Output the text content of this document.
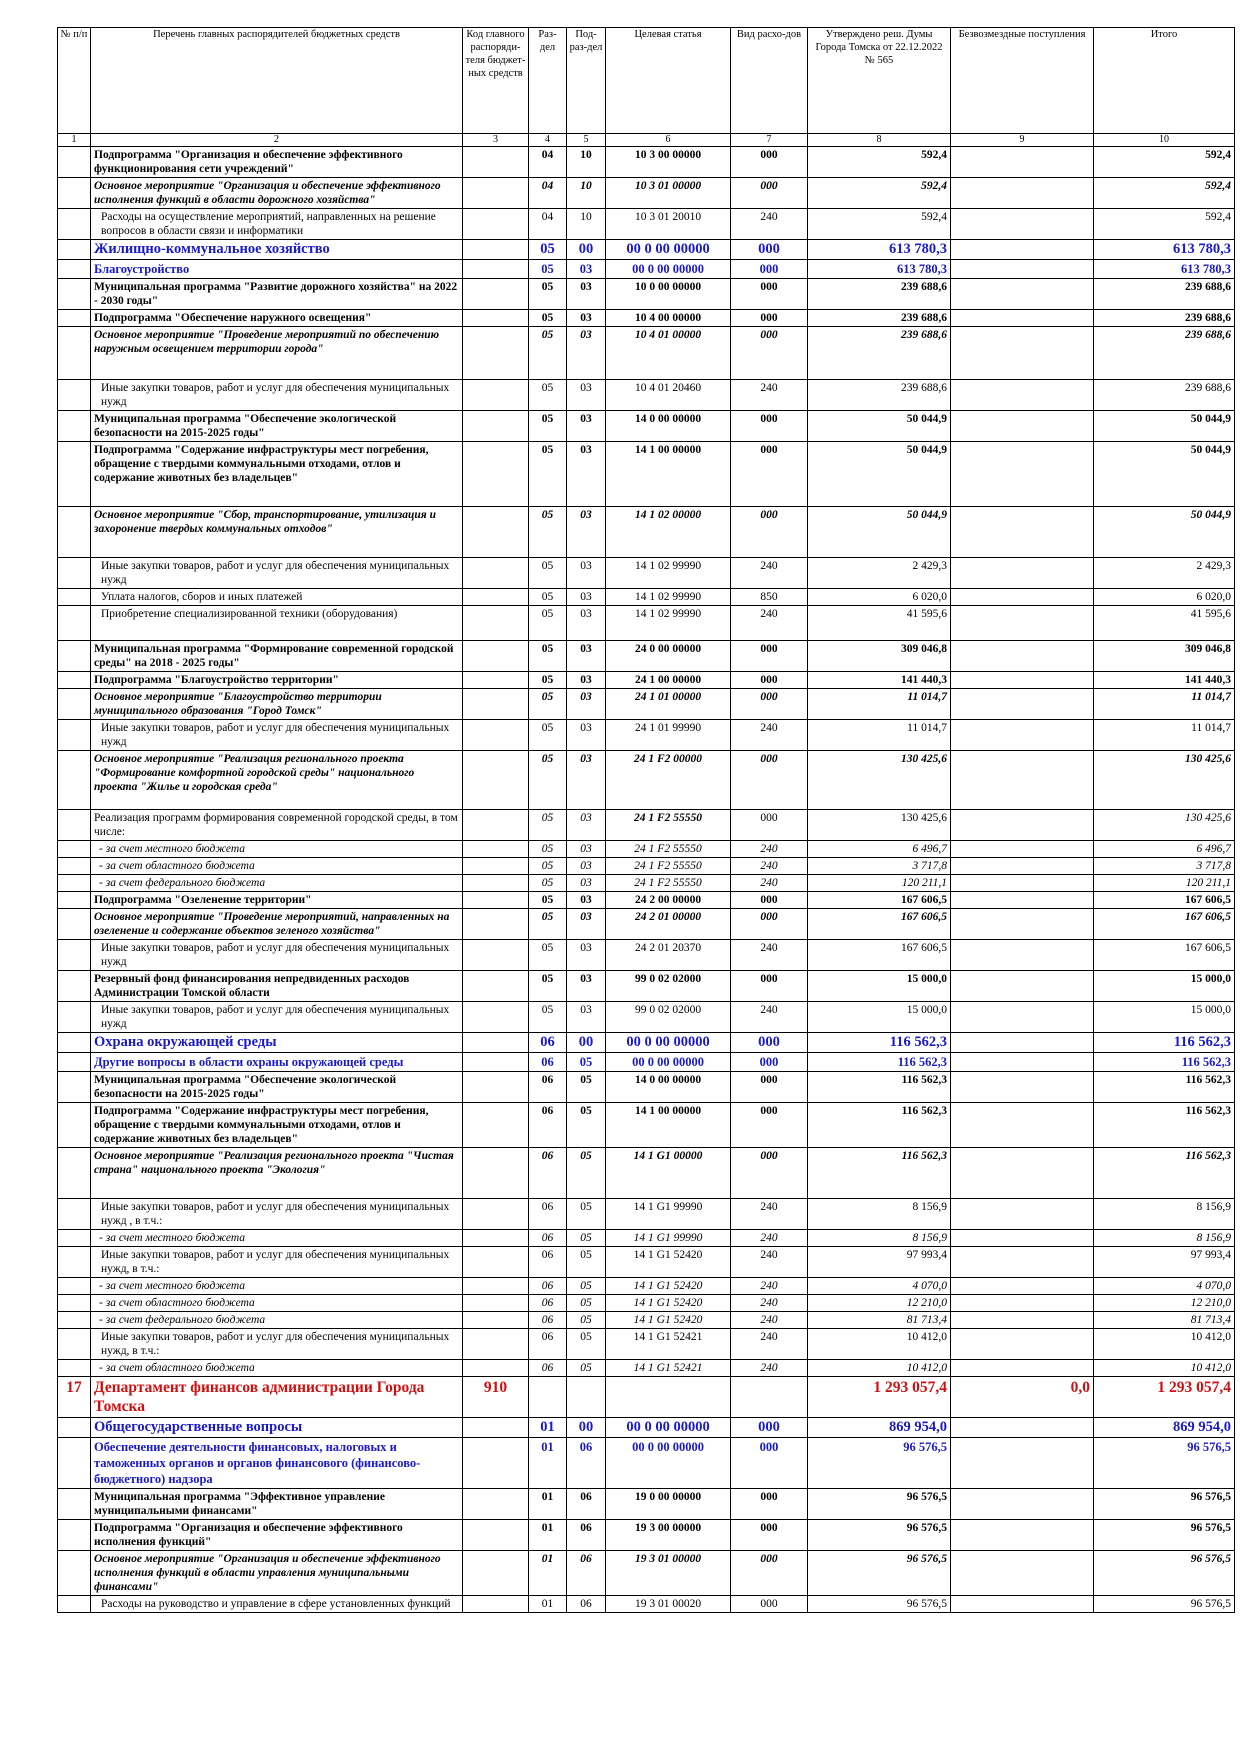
№ п/п	Перечень главных распорядителей бюджетных средств	Код главного распоряди-теля бюджет-ных средств	Раз-дел	Под-раз-дел	Целевая статья	Вид расхо-дов	Утверждено реш. Думы Города Томска от 22.12.2022 № 565	Безвозмездные поступления	Итого
1	2	3	4	5	6	7	8	9	10
	Подпрограмма "Организация и обеспечение эффективного функционирования сети учреждений"		04	10	10 3 00 00000	000	592,4		592,4
	Основное мероприятие "Организация и обеспечение эффективного исполнения функций в области дорожного хозяйства"		04	10	10 3 01 00000	000	592,4		592,4
	Расходы на осуществление мероприятий, направленных на решение вопросов в области связи и информатики		04	10	10 3 01 20010	240	592,4		592,4
	Жилищно-коммунальное хозяйство		05	00	00 0 00 00000	000	613 780,3		613 780,3
	Благоустройство		05	03	00 0 00 00000	000	613 780,3		613 780,3
	Муниципальная программа "Развитие дорожного хозяйства" на 2022 - 2030 годы"		05	03	10 0 00 00000	000	239 688,6		239 688,6
	Подпрограмма "Обеспечение наружного освещения"		05	03	10 4 00 00000	000	239 688,6		239 688,6
	Основное мероприятие "Проведение мероприятий по обеспечению наружным освещением территории города"		05	03	10 4 01 00000	000	239 688,6		239 688,6
	Иные закупки товаров, работ и услуг для обеспечения муниципальных нужд		05	03	10 4 01 20460	240	239 688,6		239 688,6
	Муниципальная программа "Обеспечение экологической безопасности на 2015-2025 годы"		05	03	14 0 00 00000	000	50 044,9		50 044,9
	Подпрограмма "Содержание инфраструктуры мест погребения, обращение с твердыми коммунальными отходами, отлов и содержание животных без владельцев"		05	03	14 1 00 00000	000	50 044,9		50 044,9
	Основное мероприятие "Сбор, транспортирование, утилизация и захоронение твердых коммунальных отходов"		05	03	14 1 02 00000	000	50 044,9		50 044,9
	Иные закупки товаров, работ и услуг для обеспечения муниципальных нужд		05	03	14 1 02 99990	240	2 429,3		2 429,3
	Уплата налогов, сборов и иных платежей		05	03	14 1 02 99990	850	6 020,0		6 020,0
	Приобретение специализированной техники (оборудования)		05	03	14 1 02 99990	240	41 595,6		41 595,6
	Муниципальная программа "Формирование современной городской среды" на 2018 - 2025 годы"		05	03	24 0 00 00000	000	309 046,8		309 046,8
	Подпрограмма "Благоустройство территории"		05	03	24 1 00 00000	000	141 440,3		141 440,3
	Основное мероприятие "Благоустройство территории муниципального образования "Город Томск"		05	03	24 1 01 00000	000	11 014,7		11 014,7
	Иные закупки товаров, работ и услуг для обеспечения муниципальных нужд		05	03	24 1 01 99990	240	11 014,7		11 014,7
	Основное мероприятие "Реализация регионального проекта "Формирование комфортной городской среды" национального проекта "Жилье и городская среда"		05	03	24 1 F2 00000	000	130 425,6		130 425,6
	Реализация программ формирования современной городской среды, в том числе:		05	03	24 1 F2 55550	000	130 425,6		130 425,6
	- за счет местного бюджета		05	03	24 1 F2 55550	240	6 496,7		6 496,7
	- за счет областного бюджета		05	03	24 1 F2 55550	240	3 717,8		3 717,8
	- за счет федерального бюджета		05	03	24 1 F2 55550	240	120 211,1		120 211,1
	Подпрограмма "Озеленение территории"		05	03	24 2 00 00000	000	167 606,5		167 606,5
	Основное мероприятие "Проведение мероприятий, направленных на озеленение и содержание объектов зеленого хозяйства"		05	03	24 2 01 00000	000	167 606,5		167 606,5
	Иные закупки товаров, работ и услуг для обеспечения муниципальных нужд		05	03	24 2 01 20370	240	167 606,5		167 606,5
	Резервный фонд финансирования непредвиденных расходов Администрации Томской области		05	03	99 0 02 02000	000	15 000,0		15 000,0
	Иные закупки товаров, работ и услуг для обеспечения муниципальных нужд		05	03	99 0 02 02000	240	15 000,0		15 000,0
	Охрана окружающей среды		06	00	00 0 00 00000	000	116 562,3		116 562,3
	Другие вопросы в области охраны окружающей среды		06	05	00 0 00 00000	000	116 562,3		116 562,3
	Муниципальная программа "Обеспечение экологической безопасности на 2015-2025 годы"		06	05	14 0 00 00000	000	116 562,3		116 562,3
	Подпрограмма "Содержание инфраструктуры мест погребения, обращение с твердыми коммунальными отходами, отлов и содержание животных без владельцев"		06	05	14 1 00 00000	000	116 562,3		116 562,3
	Основное мероприятие "Реализация регионального проекта "Чистая страна" национального проекта "Экология"		06	05	14 1 G1 00000	000	116 562,3		116 562,3
	Иные закупки товаров, работ и услуг для обеспечения муниципальных нужд , в т.ч.:		06	05	14 1 G1 99990	240	8 156,9		8 156,9
	- за счет местного бюджета		06	05	14 1 G1 99990	240	8 156,9		8 156,9
	Иные закупки товаров, работ и услуг для обеспечения муниципальных нужд, в т.ч.:		06	05	14 1 G1 52420	240	97 993,4		97 993,4
	- за счет местного бюджета		06	05	14 1 G1 52420	240	4 070,0		4 070,0
	- за счет областного бюджета		06	05	14 1 G1 52420	240	12 210,0		12 210,0
	- за счет федерального бюджета		06	05	14 1 G1 52420	240	81 713,4		81 713,4
	Иные закупки товаров, работ и услуг для обеспечения муниципальных нужд, в т.ч.:		06	05	14 1 G1 52421	240	10 412,0		10 412,0
	- за счет областного бюджета		06	05	14 1 G1 52421	240	10 412,0		10 412,0
17	Департамент финансов администрации Города Томска	910					1 293 057,4	0,0	1 293 057,4
	Общегосударственные вопросы		01	00	00 0 00 00000	000	869 954,0		869 954,0
	Обеспечение деятельности финансовых, налоговых и таможенных органов и органов финансового (финансово-бюджетного) надзора		01	06	00 0 00 00000	000	96 576,5		96 576,5
	Муниципальная программа "Эффективное управление муниципальными финансами"		01	06	19 0 00 00000	000	96 576,5		96 576,5
	Подпрограмма "Организация и обеспечение эффективного исполнения функций"		01	06	19 3 00 00000	000	96 576,5		96 576,5
	Основное мероприятие "Организация и обеспечение эффективного исполнения функций в области управления муниципальными финансами"		01	06	19 3 01 00000	000	96 576,5		96 576,5
	Расходы на руководство и управление в сфере установленных функций		01	06	19 3 01 00020	000	96 576,5		96 576,5
